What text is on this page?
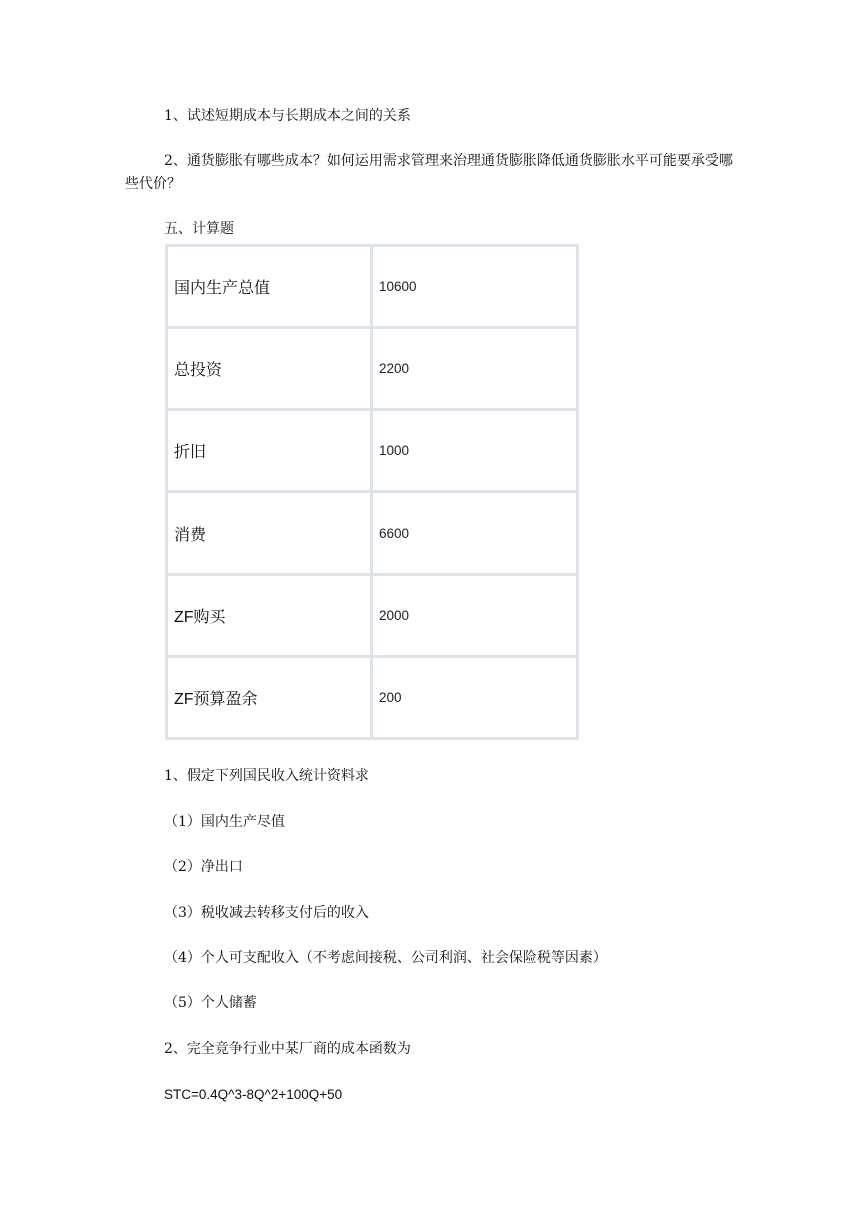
1、试述短期成本与长期成本之间的关系
2、通货膨胀有哪些成本？如何运用需求管理来治理通货膨胀降低通货膨胀水平可能要承受哪些代价？
五、计算题
国内生产总值	10600
总投资	2200
折旧	1000
消费	6600
ZF购买	2000
ZF预算盈余	200
1、假定下列国民收入统计资料求
（1）国内生产尽值
（2）净出口
（3）税收减去转移支付后的收入
（4）个人可支配收入（不考虑间接税、公司利润、社会保险税等因素）
（5）个人储蓄
2、完全竞争行业中某厂商的成本函数为
STC=0.4Q^3-8Q^2+100Q+50
